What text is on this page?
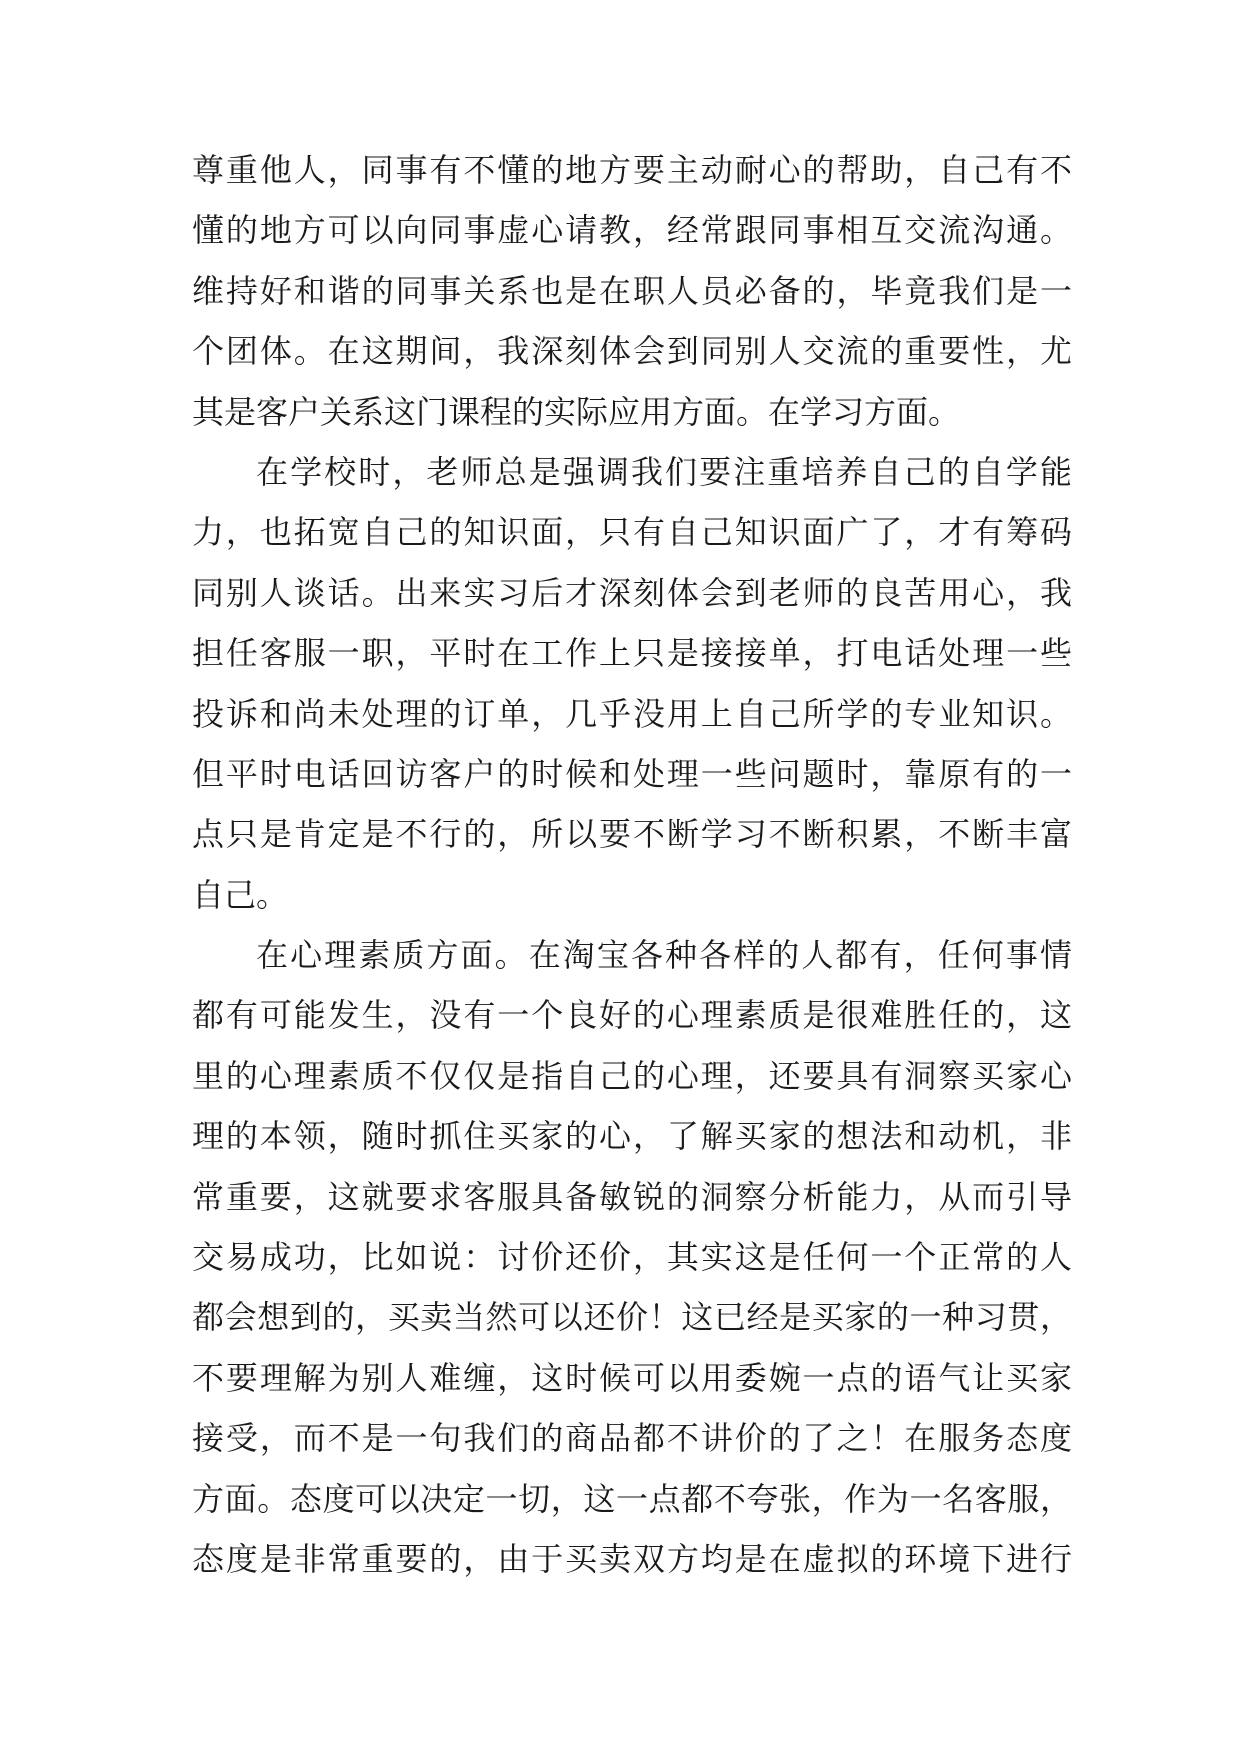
尊重他人，同事有不懂的地方要主动耐心的帮助，自己有不
懂的地方可以向同事虚心请教，经常跟同事相互交流沟通。
维持好和谐的同事关系也是在职人员必备的，毕竟我们是一
个团体。在这期间，我深刻体会到同别人交流的重要性，尤
其是客户关系这门课程的实际应用方面。在学习方面。
在学校时，老师总是强调我们要注重培养自己的自学能
力，也拓宽自己的知识面，只有自己知识面广了，才有筹码
同别人谈话。出来实习后才深刻体会到老师的良苦用心，我
担任客服一职，平时在工作上只是接接单，打电话处理一些
投诉和尚未处理的订单，几乎没用上自己所学的专业知识。
但平时电话回访客户的时候和处理一些问题时，靠原有的一
点只是肯定是不行的，所以要不断学习不断积累，不断丰富
自己。
在心理素质方面。在淘宝各种各样的人都有，任何事情
都有可能发生，没有一个良好的心理素质是很难胜任的，这
里的心理素质不仅仅是指自己的心理，还要具有洞察买家心
理的本领，随时抓住买家的心，了解买家的想法和动机，非
常重要，这就要求客服具备敏锐的洞察分析能力，从而引导
交易成功，比如说：讨价还价，其实这是任何一个正常的人
都会想到的，买卖当然可以还价！这已经是买家的一种习贯，
不要理解为别人难缠，这时候可以用委婉一点的语气让买家
接受，而不是一句我们的商品都不讲价的了之！在服务态度
方面。态度可以决定一切，这一点都不夸张，作为一名客服，
态度是非常重要的，由于买卖双方均是在虚拟的环境下进行
